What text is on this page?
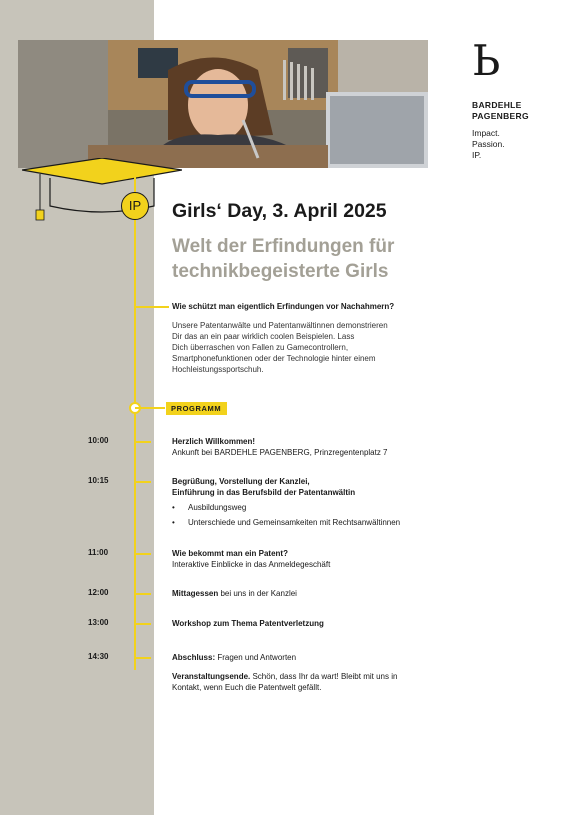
Ь
BARDEHLE
PAGENBERG
Impact.
Passion.
IP.
IP	Girls‘ Day, 3. April 2025
Welt der Erfindungen für
technikbegeisterte Girls
Wie schützt man eigentlich Erfindungen vor Nachahmern?
Unsere Patentanwälte und Patentanwältinnen demonstrieren
Dir das an ein paar wirklich coolen Beispielen. Lass
Dich überraschen von Fallen zu Gamecontrollern,
Smartphonefunktionen oder der Technologie hinter einem
Hochleistungssportschuh.
PROGRAMM
10:00	Herzlich Willkommen!
Ankunft bei BARDEHLE PAGENBERG, Prinzregentenplatz 7
10:15	Begrüßung, Vorstellung der Kanzlei,
Einführung in das Berufsbild der Patentanwältin
• Ausbildungsweg
• Unterschiede und Gemeinsamkeiten mit Rechtsanwältinnen
11:00	Wie bekommt man ein Patent?
Interaktive Einblicke in das Anmeldegeschäft
12:00	Mittagessen bei uns in der Kanzlei
13:00	Workshop zum Thema Patentverletzung
14:30	Abschluss: Fragen und Antworten
Veranstaltungsende. Schön, dass Ihr da wart! Bleibt mit uns in
Kontakt, wenn Euch die Patentwelt gefällt.
